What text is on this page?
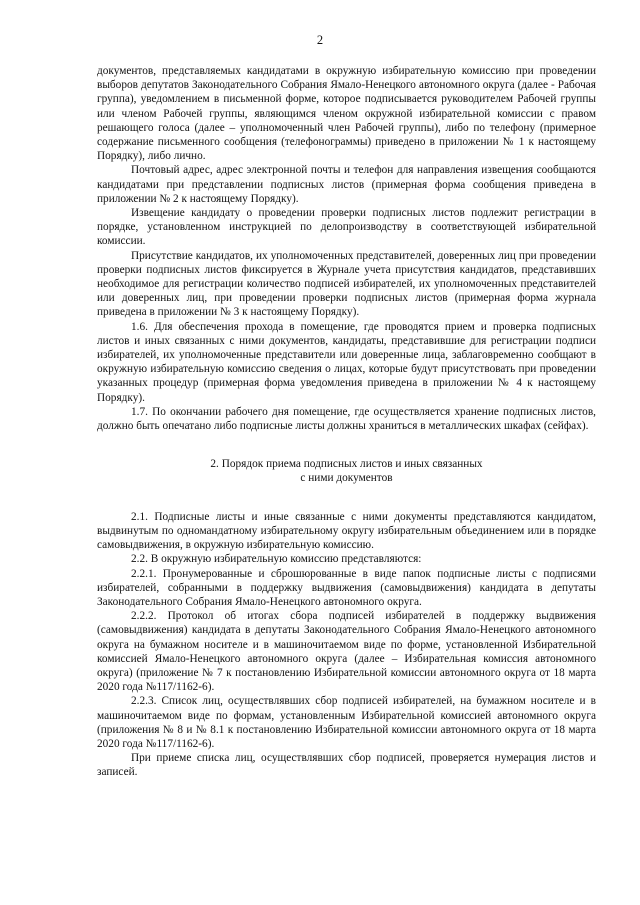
2

документов, представляемых кандидатами в окружную избирательную комиссию при проведении выборов депутатов Законодательного Собрания Ямало-Ненецкого автономного округа (далее - Рабочая группа), уведомлением в письменной форме, которое подписывается руководителем Рабочей группы или членом Рабочей группы, являющимся членом окружной избирательной комиссии с правом решающего голоса (далее – уполномоченный член Рабочей группы), либо по телефону (примерное содержание письменного сообщения (телефонограммы) приведено в приложении № 1 к настоящему Порядку), либо лично.

Почтовый адрес, адрес электронной почты и телефон для направления извещения сообщаются кандидатами при представлении подписных листов (примерная форма сообщения приведена в приложении № 2 к настоящему Порядку).

Извещение кандидату о проведении проверки подписных листов подлежит регистрации в порядке, установленном инструкцией по делопроизводству в соответствующей избирательной комиссии.

Присутствие кандидатов, их уполномоченных представителей, доверенных лиц при проведении проверки подписных листов фиксируется в Журнале учета присутствия кандидатов, представивших необходимое для регистрации количество подписей избирателей, их уполномоченных представителей или доверенных лиц, при проведении проверки подписных листов (примерная форма журнала приведена в приложении № 3 к настоящему Порядку).

1.6. Для обеспечения прохода в помещение, где проводятся прием и проверка подписных листов и иных связанных с ними документов, кандидаты, представившие для регистрации подписи избирателей, их уполномоченные представители или доверенные лица, заблаговременно сообщают в окружную избирательную комиссию сведения о лицах, которые будут присутствовать при проведении указанных процедур (примерная форма уведомления приведена в приложении № 4 к настоящему Порядку).

1.7. По окончании рабочего дня помещение, где осуществляется хранение подписных листов, должно быть опечатано либо подписные листы должны храниться в металлических шкафах (сейфах).

2. Порядок приема подписных листов и иных связанных
с ними документов

2.1. Подписные листы и иные связанные с ними документы представляются кандидатом, выдвинутым по одномандатному избирательному округу избирательным объединением или в порядке самовыдвижения, в окружную избирательную комиссию.

2.2. В окружную избирательную комиссию представляются:

2.2.1. Пронумерованные и сброшюрованные в виде папок подписные листы с подписями избирателей, собранными в поддержку выдвижения (самовыдвижения) кандидата в депутаты Законодательного Собрания Ямало-Ненецкого автономного округа.

2.2.2. Протокол об итогах сбора подписей избирателей в поддержку выдвижения (самовыдвижения) кандидата в депутаты Законодательного Собрания Ямало-Ненецкого автономного округа на бумажном носителе и в машиночитаемом виде по форме, установленной Избирательной комиссией Ямало-Ненецкого автономного округа (далее – Избирательная комиссия автономного округа) (приложение № 7 к постановлению Избирательной комиссии автономного округа от 18 марта 2020 года №117/1162-6).

2.2.3. Список лиц, осуществлявших сбор подписей избирателей, на бумажном носителе и в машиночитаемом виде по формам, установленным Избирательной комиссией автономного округа (приложения № 8 и № 8.1 к постановлению Избирательной комиссии автономного округа от 18 марта 2020 года №117/1162-6).

При приеме списка лиц, осуществлявших сбор подписей, проверяется нумерация листов и записей.
